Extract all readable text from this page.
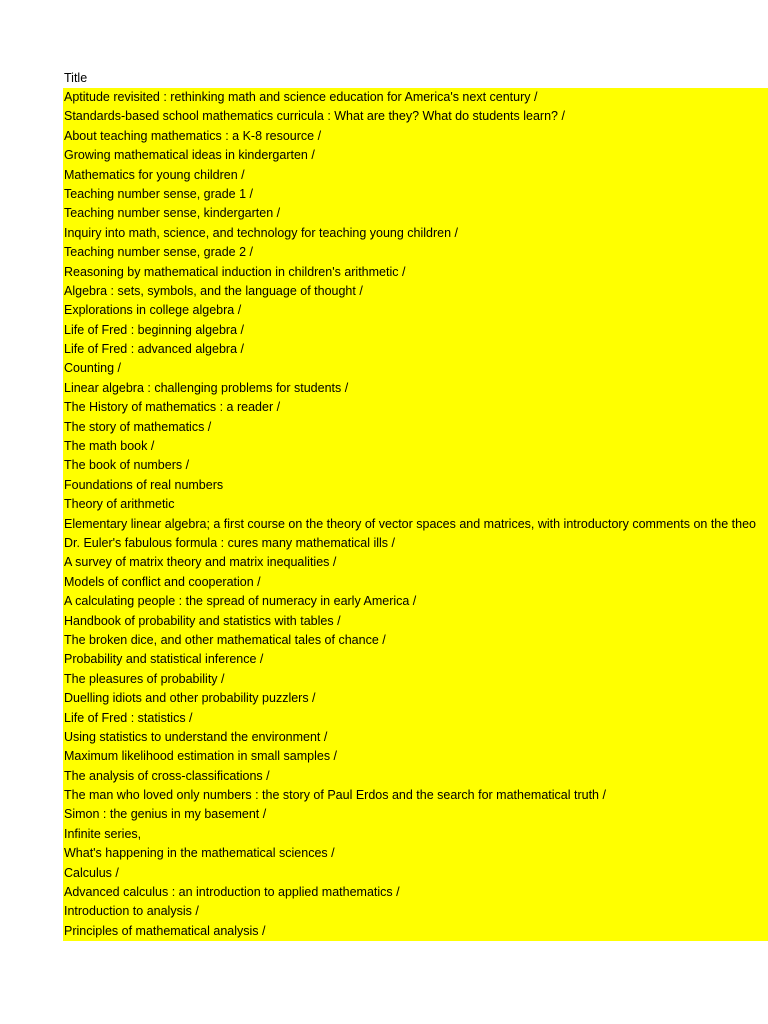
Title
Aptitude revisited : rethinking math and science education for America's next century /
Standards-based school mathematics curricula : What are they? What do students learn? /
About teaching mathematics : a K-8 resource /
Growing mathematical ideas in kindergarten /
Mathematics for young children /
Teaching number sense, grade 1 /
Teaching number sense, kindergarten /
Inquiry into math, science, and technology for teaching young children /
Teaching number sense, grade 2 /
Reasoning by mathematical induction in children's arithmetic /
Algebra : sets, symbols, and the language of thought /
Explorations in college algebra /
Life of Fred : beginning algebra /
Life of Fred : advanced algebra /
Counting /
Linear algebra : challenging problems for students /
The History of mathematics : a reader /
The story of mathematics /
The math book /
The book of numbers /
Foundations of real numbers
Theory of arithmetic
Elementary linear algebra; a first course on the theory of vector spaces and matrices, with introductory comments on the theo
Dr. Euler's fabulous formula : cures many mathematical ills /
A survey of matrix theory and matrix inequalities /
Models of conflict and cooperation /
A calculating people : the spread of numeracy in early America /
Handbook of probability and statistics with tables /
The broken dice, and other mathematical tales of chance /
Probability and statistical inference /
The pleasures of probability /
Duelling idiots and other probability puzzlers /
Life of Fred : statistics /
Using statistics to understand the environment /
Maximum likelihood estimation in small samples /
The analysis of cross-classifications /
The man who loved only numbers : the story of Paul Erdos and the search for mathematical truth /
Simon : the genius in my basement /
Infinite series,
What's happening in the mathematical sciences /
Calculus /
Advanced calculus : an introduction to applied mathematics /
Introduction to analysis /
Principles of mathematical analysis /
